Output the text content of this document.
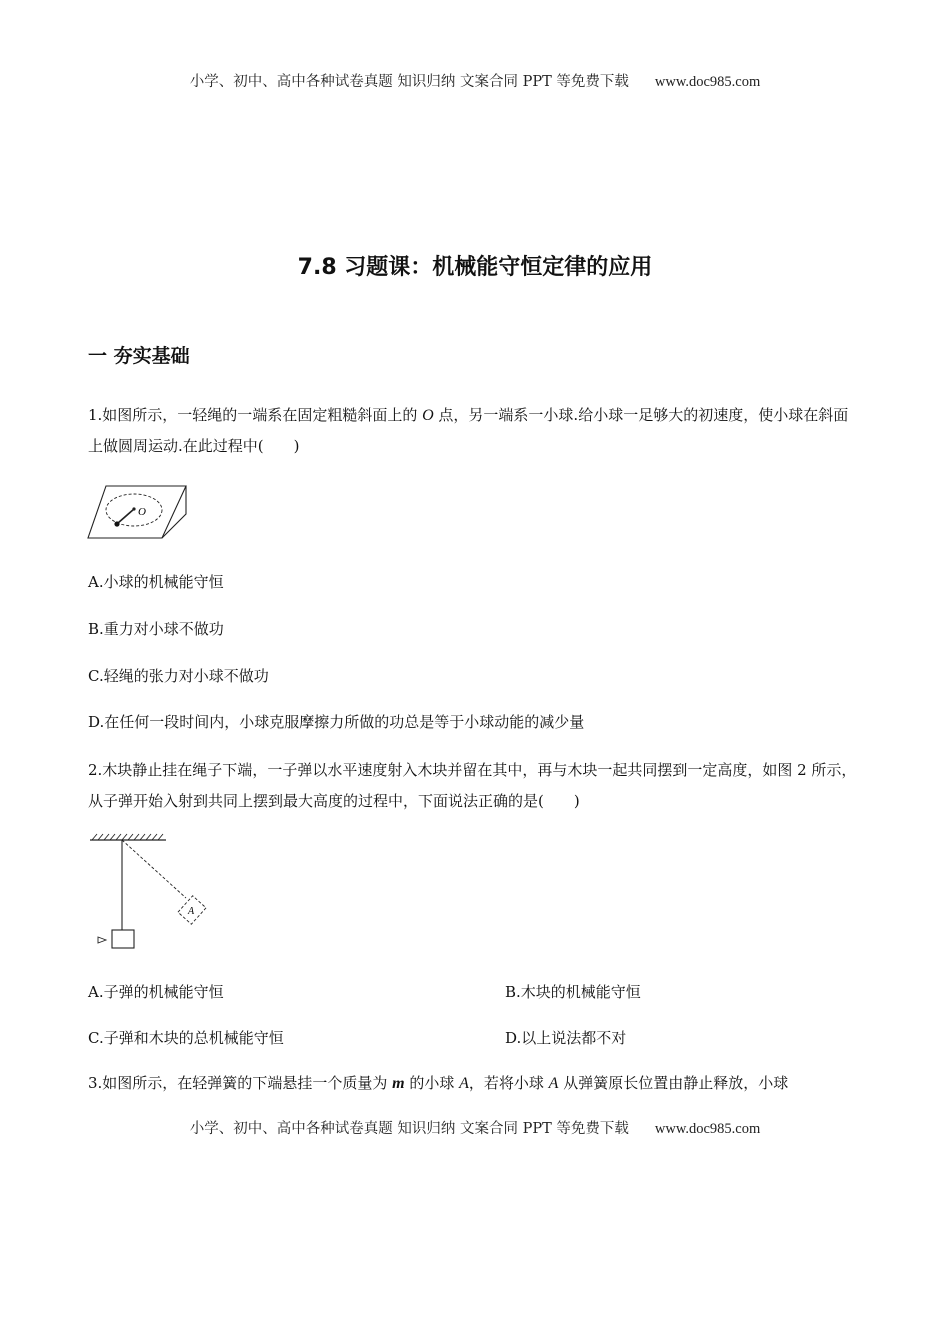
小学、初中、高中各种试卷真题 知识归纳 文案合同 PPT 等免费下载 www.doc985.com
7.8 习题课：机械能守恒定律的应用
一 夯实基础
1.如图所示，一轻绳的一端系在固定粗糙斜面上的 O 点，另一端系一小球.给小球一足够大的初速度，使小球在斜面上做圆周运动.在此过程中(　　)
O
A.小球的机械能守恒
B.重力对小球不做功
C.轻绳的张力对小球不做功
D.在任何一段时间内，小球克服摩擦力所做的功总是等于小球动能的减少量
2.木块静止挂在绳子下端，一子弹以水平速度射入木块并留在其中，再与木块一起共同摆到一定高度，如图 2 所示，从子弹开始入射到共同上摆到最大高度的过程中，下面说法正确的是(　　)
A
A.子弹的机械能守恒	B.木块的机械能守恒
C.子弹和木块的总机械能守恒	D.以上说法都不对
3.如图所示，在轻弹簧的下端悬挂一个质量为 m 的小球 A，若将小球 A 从弹簧原长位置由静止释放，小球
小学、初中、高中各种试卷真题 知识归纳 文案合同 PPT 等免费下载 www.doc985.com
